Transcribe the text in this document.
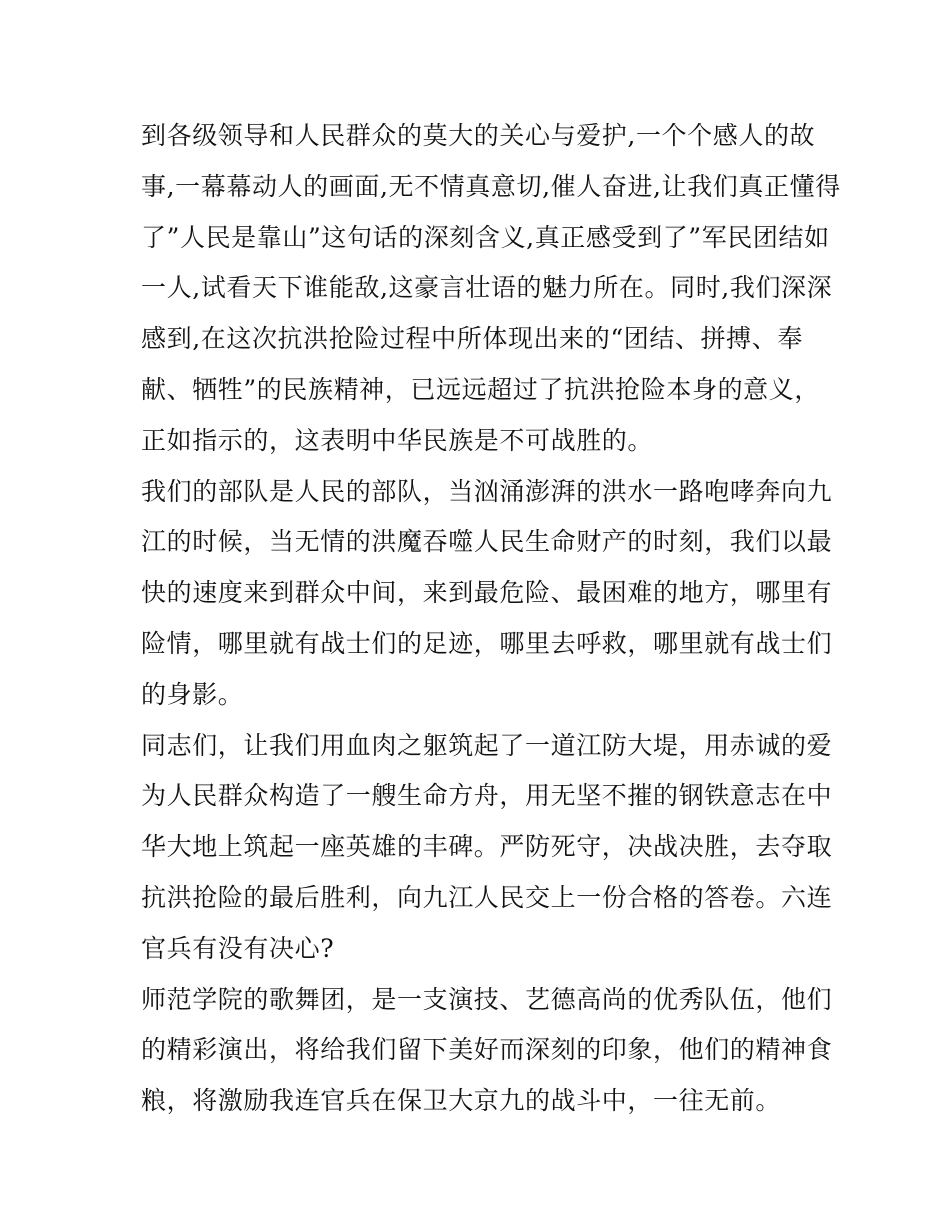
到各级领导和人民群众的莫大的关心与爱护,一个个感人的故
事,一幕幕动人的画面,无不情真意切,催人奋进,让我们真正懂得
了”人民是靠山”这句话的深刻含义,真正感受到了”军民团结如
一人,试看天下谁能敌,这豪言壮语的魅力所在。同时,我们深深
感到,在这次抗洪抢险过程中所体现出来的“团结、拼搏、奉
献、牺牲”的民族精神，已远远超过了抗洪抢险本身的意义，
正如指示的，这表明中华民族是不可战胜的。
我们的部队是人民的部队，当汹涌澎湃的洪水一路咆哮奔向九
江的时候，当无情的洪魔吞噬人民生命财产的时刻，我们以最
快的速度来到群众中间，来到最危险、最困难的地方，哪里有
险情，哪里就有战士们的足迹，哪里去呼救，哪里就有战士们
的身影。
同志们，让我们用血肉之躯筑起了一道江防大堤，用赤诚的爱
为人民群众构造了一艘生命方舟，用无坚不摧的钢铁意志在中
华大地上筑起一座英雄的丰碑。严防死守，决战决胜，去夺取
抗洪抢险的最后胜利，向九江人民交上一份合格的答卷。六连
官兵有没有决心?
师范学院的歌舞团，是一支演技、艺德高尚的优秀队伍，他们
的精彩演出，将给我们留下美好而深刻的印象，他们的精神食
粮，将激励我连官兵在保卫大京九的战斗中，一往无前。
